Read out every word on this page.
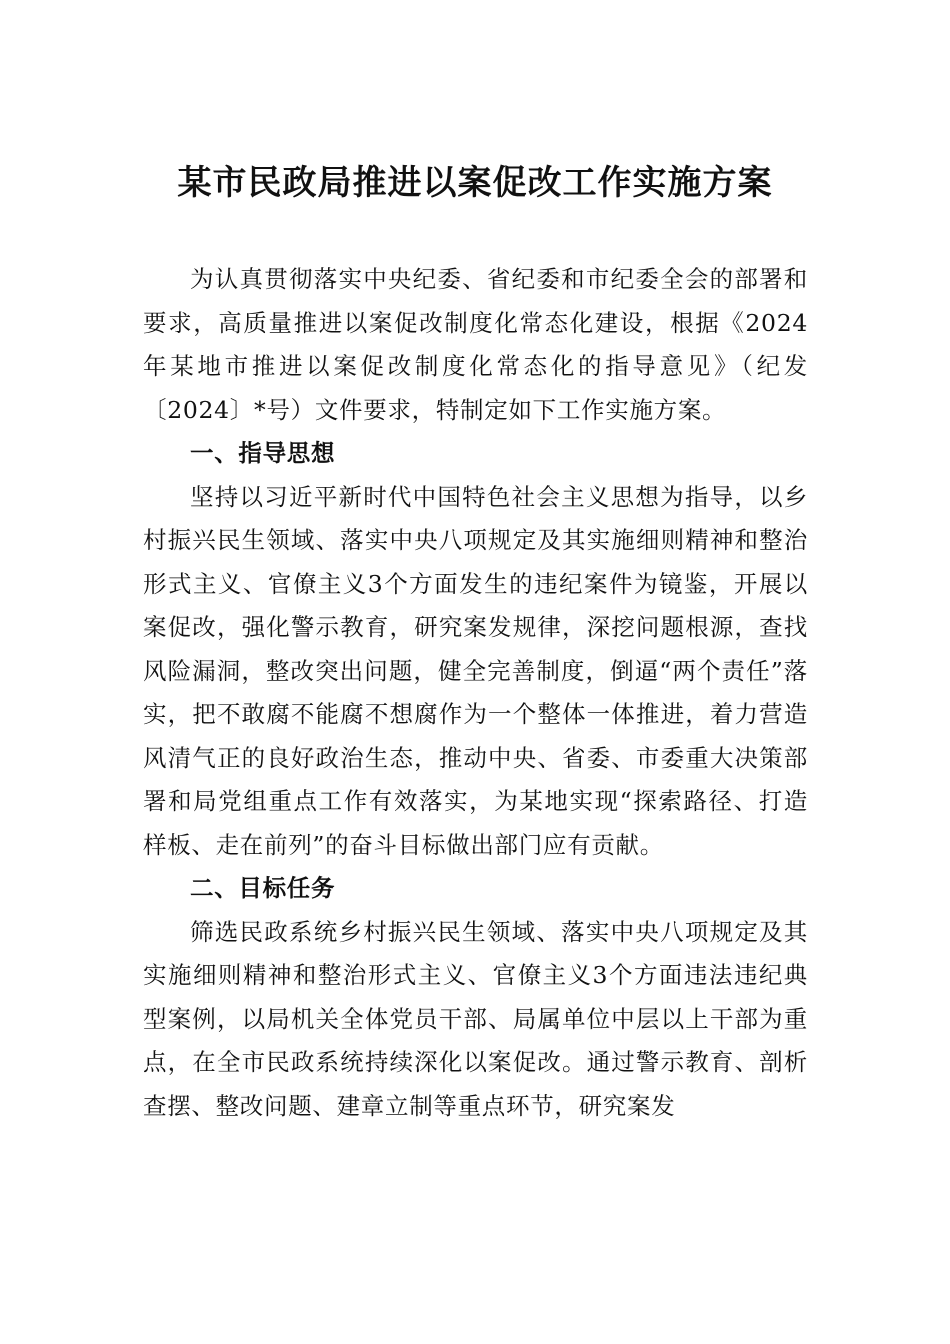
某市民政局推进以案促改工作实施方案

为认真贯彻落实中央纪委、省纪委和市纪委全会的部署和要求，高质量推进以案促改制度化常态化建设，根据《2024年某地市推进以案促改制度化常态化的指导意见》（纪发〔2024〕*号）文件要求，特制定如下工作实施方案。

一、指导思想

坚持以习近平新时代中国特色社会主义思想为指导，以乡村振兴民生领域、落实中央八项规定及其实施细则精神和整治形式主义、官僚主义3个方面发生的违纪案件为镜鉴，开展以案促改，强化警示教育，研究案发规律，深挖问题根源，查找风险漏洞，整改突出问题，健全完善制度，倒逼“两个责任”落实，把不敢腐不能腐不想腐作为一个整体一体推进，着力营造风清气正的良好政治生态，推动中央、省委、市委重大决策部署和局党组重点工作有效落实，为某地实现“探索路径、打造样板、走在前列”的奋斗目标做出部门应有贡献。

二、目标任务

筛选民政系统乡村振兴民生领域、落实中央八项规定及其实施细则精神和整治形式主义、官僚主义3个方面违法违纪典型案例，以局机关全体党员干部、局属单位中层以上干部为重点，在全市民政系统持续深化以案促改。通过警示教育、剖析查摆、整改问题、建章立制等重点环节，研究案发
